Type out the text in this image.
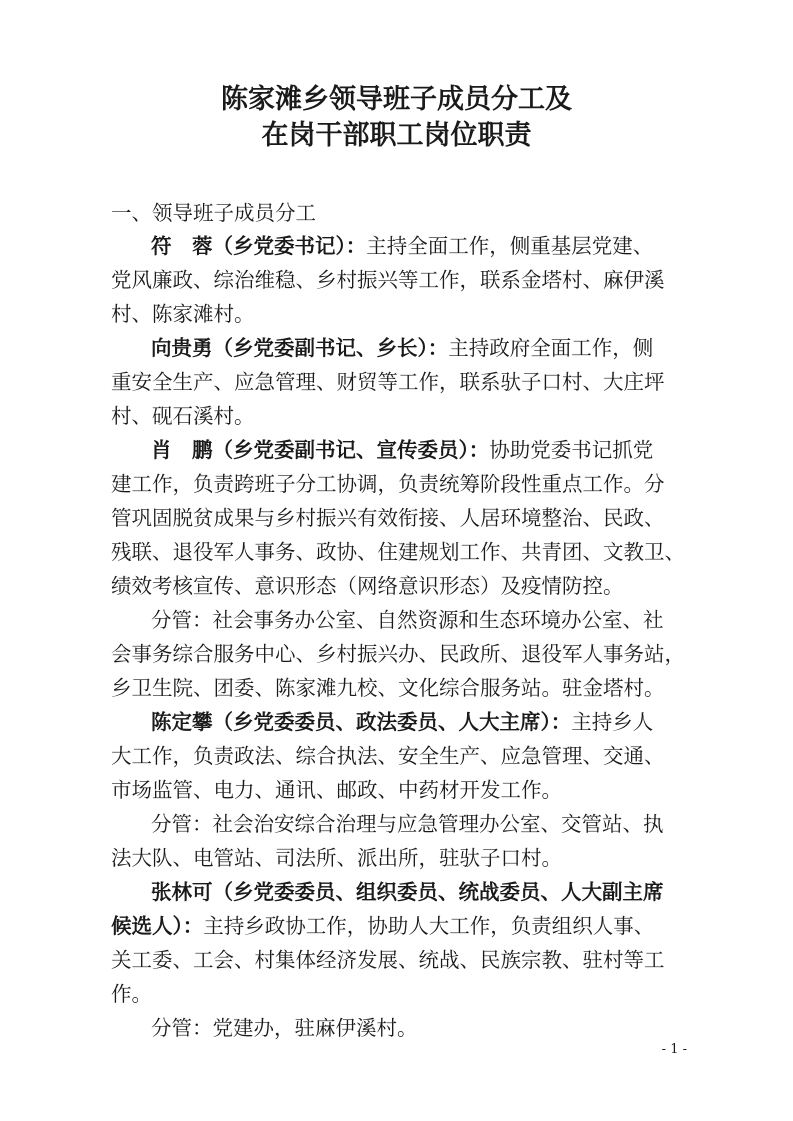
陈家滩乡领导班子成员分工及
在岗干部职工岗位职责
一、领导班子成员分工
符　蓉（乡党委书记）：主持全面工作，侧重基层党建、
党风廉政、综治维稳、乡村振兴等工作，联系金塔村、麻伊溪
村、陈家滩村。
向贵勇（乡党委副书记、乡长）：主持政府全面工作，侧
重安全生产、应急管理、财贸等工作，联系驮子口村、大庄坪
村、砚石溪村。
肖　鹏（乡党委副书记、宣传委员）：协助党委书记抓党
建工作，负责跨班子分工协调，负责统筹阶段性重点工作。分
管巩固脱贫成果与乡村振兴有效衔接、人居环境整治、民政、
残联、退役军人事务、政协、住建规划工作、共青团、文教卫、
绩效考核宣传、意识形态（网络意识形态）及疫情防控。
分管：社会事务办公室、自然资源和生态环境办公室、社
会事务综合服务中心、乡村振兴办、民政所、退役军人事务站，
乡卫生院、团委、陈家滩九校、文化综合服务站。驻金塔村。
陈定攀（乡党委委员、政法委员、人大主席）：主持乡人
大工作，负责政法、综合执法、安全生产、应急管理、交通、
市场监管、电力、通讯、邮政、中药材开发工作。
分管：社会治安综合治理与应急管理办公室、交管站、执
法大队、电管站、司法所、派出所，驻驮子口村。
张林可（乡党委委员、组织委员、统战委员、人大副主席
候选人）：主持乡政协工作，协助人大工作，负责组织人事、
关工委、工会、村集体经济发展、统战、民族宗教、驻村等工
作。
分管：党建办，驻麻伊溪村。
- 1 -
